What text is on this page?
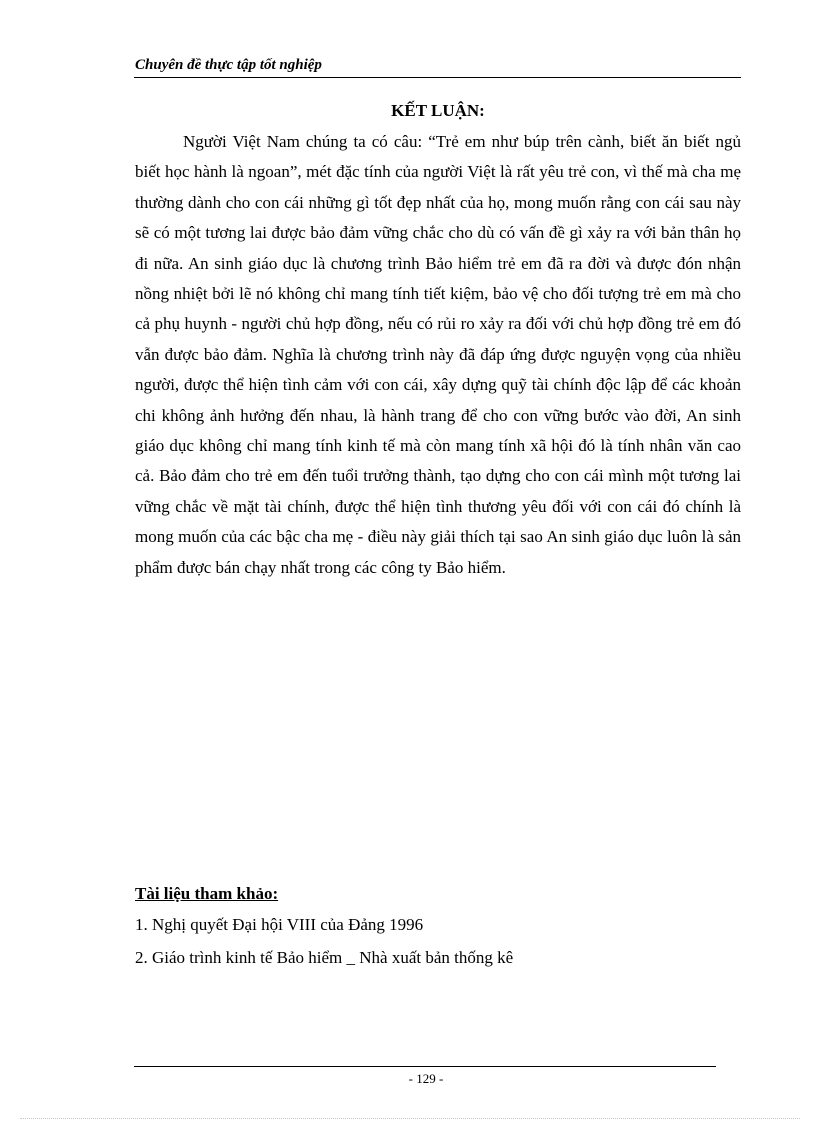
Chuyên đề thực tập tốt nghiệp
KẾT LUẬN:

Người Việt Nam chúng ta có câu: “Trẻ em như búp trên cành, biết ăn biết ngủ biết học hành là ngoan”, mét đặc tính của người Việt là rất yêu trẻ con, vì thế mà cha mẹ thường dành cho con cái những gì tốt đẹp nhất của họ, mong muốn rằng con cái sau này sẽ có một tương lai được bảo đảm vững chắc cho dù có vấn đề gì xảy ra với bản thân họ đi nữa. An sinh giáo dục là chương trình Bảo hiểm trẻ em đã ra đời và được đón nhận nồng nhiệt bởi lẽ nó không chỉ mang tính tiết kiệm, bảo vệ cho đối tượng trẻ em mà cho cả phụ huynh - người chủ hợp đồng, nếu có rủi ro xảy ra đối với chủ hợp đồng trẻ em đó vẫn được bảo đảm. Nghĩa là chương trình này đã đáp ứng được nguyện vọng của nhiều người, được thể hiện tình cảm với con cái, xây dựng quỹ tài chính độc lập để các khoản chi không ảnh hưởng đến nhau, là hành trang để cho con vững bước vào đời, An sinh giáo dục không chỉ mang tính kinh tế mà còn mang tính xã hội đó là tính nhân văn cao cả. Bảo đảm cho trẻ em đến tuổi trưởng thành, tạo dựng cho con cái mình một tương lai vững chắc về mặt tài chính, được thể hiện tình thương yêu đối với con cái đó chính là mong muốn của các bậc cha mẹ - điều này giải thích tại sao An sinh giáo dục luôn là sản phẩm được bán chạy nhất trong các công ty Bảo hiểm.

Tài liệu tham khảo:

1. Nghị quyết Đại hội VIII của Đảng 1996

2. Giáo trình kinh tế Bảo hiểm _ Nhà xuất bản thống kê

- 129 -
